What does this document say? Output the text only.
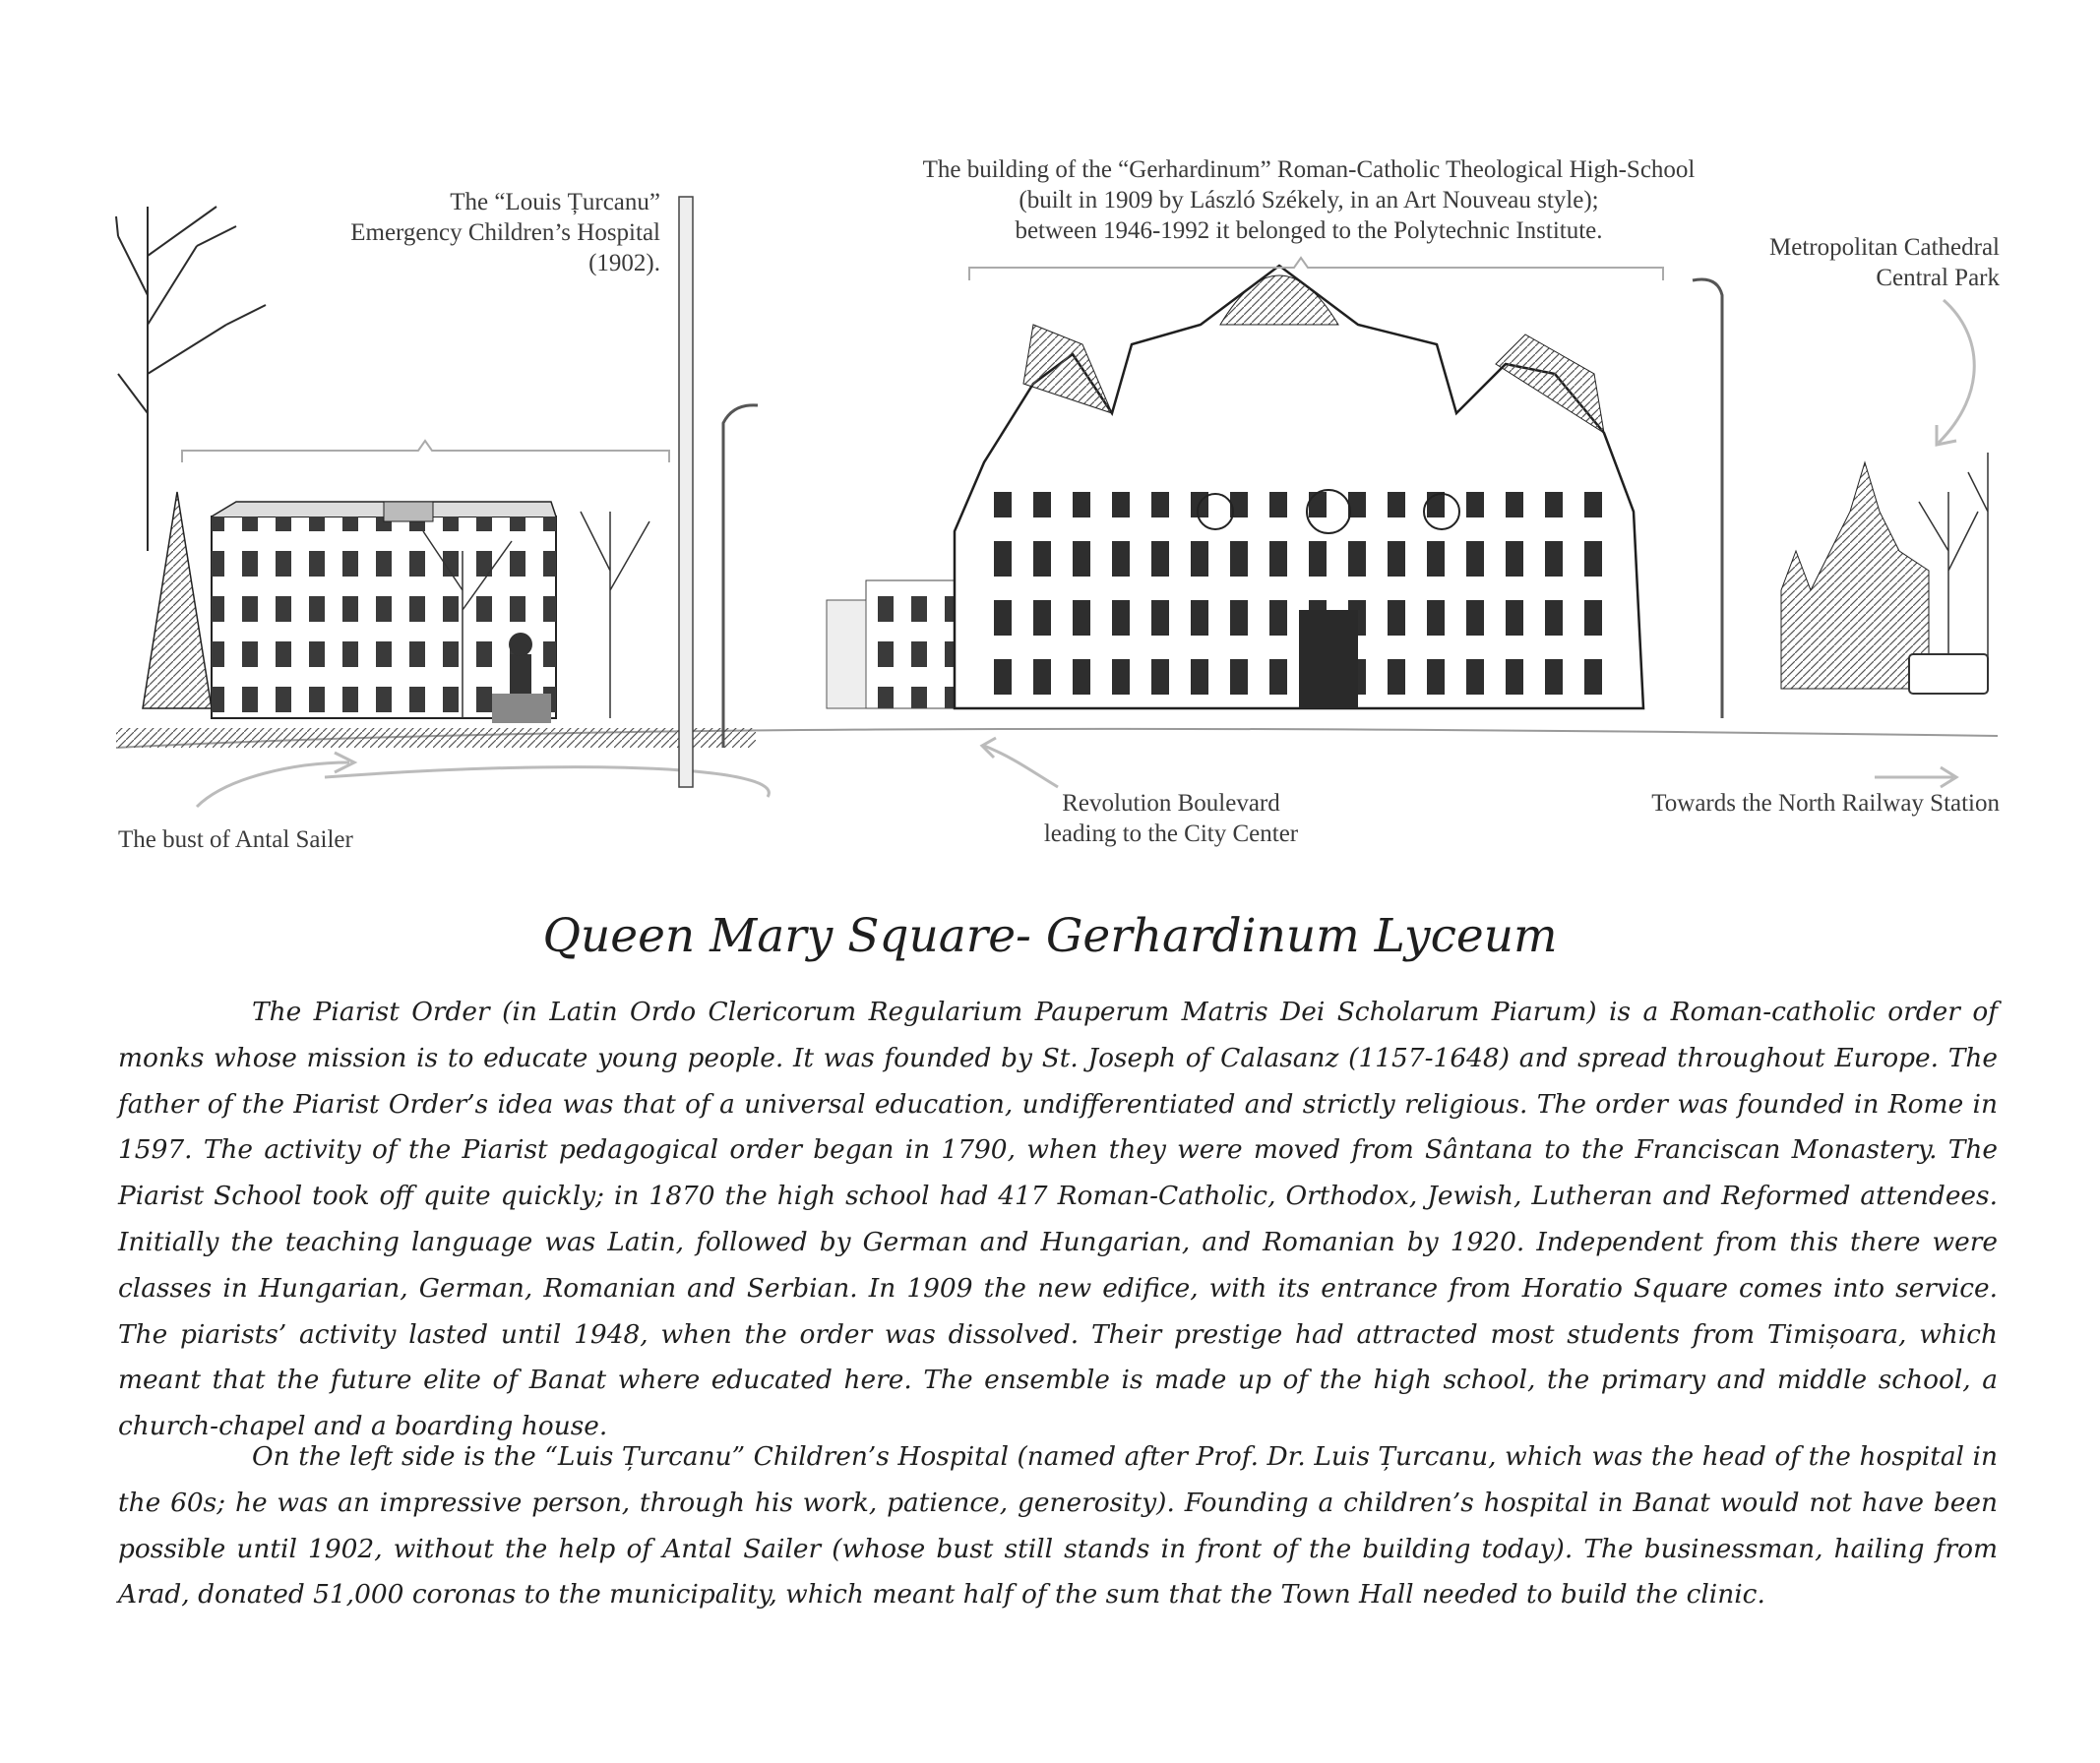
The “Louis Țurcanu”
Emergency Children’s Hospital
(1902).
The building of the “Gerhardinum” Roman-Catholic Theological High-School
(built in 1909 by László Székely, in an Art Nouveau style);
between 1946-1992 it belonged to the Polytechnic Institute.
Metropolitan Cathedral
Central Park
The bust of Antal Sailer
Revolution Boulevard
leading to the City Center
Towards the North Railway Station
Queen Mary Square- Gerhardinum Lyceum

The Piarist Order (in Latin Ordo Clericorum Regularium Pauperum Matris Dei Scholarum Piarum) is a Roman-catholic order of monks whose mission is to educate young people. It was founded by St. Joseph of Calasanz (1157-1648) and spread throughout Europe. The father of the Piarist Order’s idea was that of a universal education, undifferentiated and strictly religious. The order was founded in Rome in 1597. The activity of the Piarist pedagogical order began in 1790, when they were moved from Sântana to the Franciscan Monastery. The Piarist School took off quite quickly; in 1870 the high school had 417 Roman-Catholic, Orthodox, Jewish, Lutheran and Reformed attendees. Initially the teaching language was Latin, followed by German and Hungarian, and Romanian by 1920. Independent from this there were classes in Hungarian, German, Romanian and Serbian. In 1909 the new edifice, with its entrance from Horatio Square comes into service. The piarists’ activity lasted until 1948, when the order was dissolved. Their prestige had attracted most students from Timișoara, which meant that the future elite of Banat where educated here. The ensemble is made up of the high school, the primary and middle school, a church-chapel and a boarding house.

On the left side is the “Luis Țurcanu” Children’s Hospital (named after Prof. Dr. Luis Țurcanu, which was the head of the hospital in the 60s; he was an impressive person, through his work, patience, generosity). Founding a children’s hospital in Banat would not have been possible until 1902, without the help of Antal Sailer (whose bust still stands in front of the building today). The businessman, hailing from Arad, donated 51,000 coronas to the municipality, which meant half of the sum that the Town Hall needed to build the clinic.
